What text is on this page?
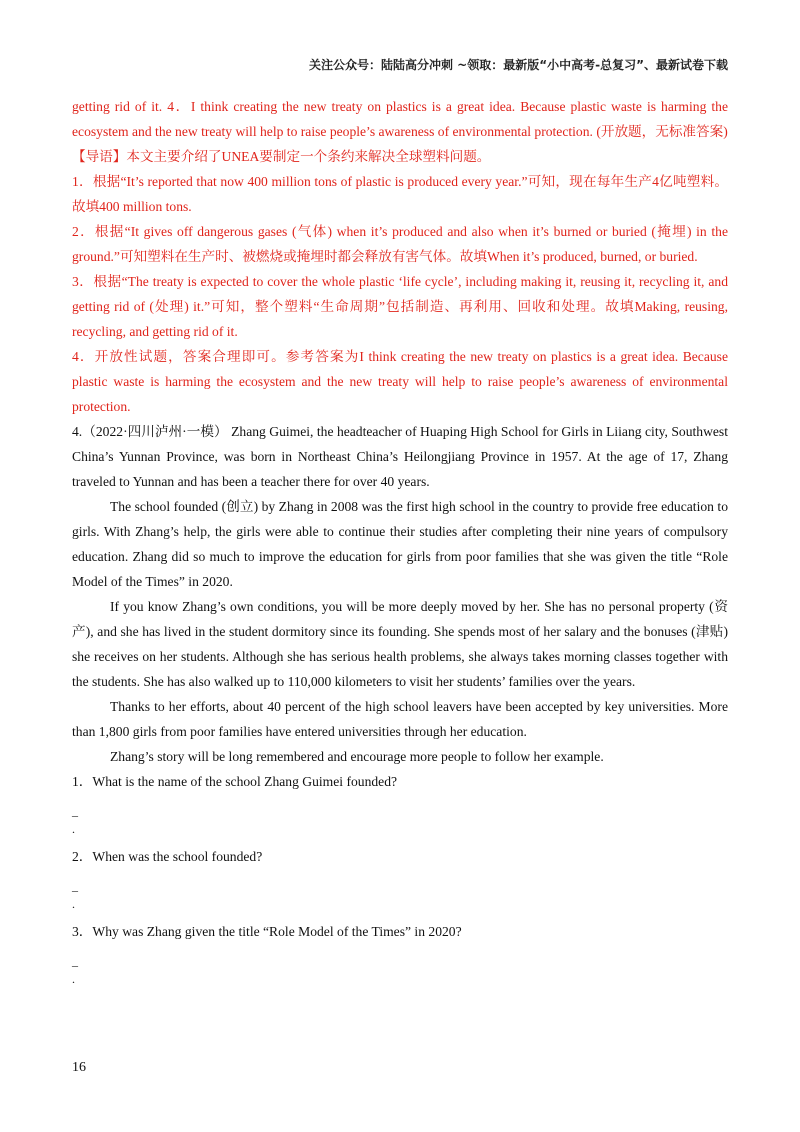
关注公众号：陆陆高分冲刺 ~领取：最新版“小中高考-总复习”、最新试卷下载

getting rid of it. 4．I think creating the new treaty on plastics is a great idea. Because plastic waste is harming the ecosystem and the new treaty will help to raise people’s awareness of environmental protection. (开放题，无标准答案)

【导语】本文主要介绍了UNEA要制定一个条约来解决全球塑料问题。

1．根据“It’s reported that now 400 million tons of plastic is produced every year.”可知，现在每年生产4亿吨塑料。故填400 million tons.

2．根据“It gives off dangerous gases (气体) when it’s produced and also when it’s burned or buried (掩埋) in the ground.”可知塑料在生产时、被燃烧或掩埋时都会释放有害气体。故填When it’s produced, burned, or buried.

3．根据“The treaty is expected to cover the whole plastic ‘life cycle’, including making it, reusing it, recycling it, and getting rid of (处理) it.”可知，整个塑料“生命周期”包括制造、再利用、回收和处理。故填Making, reusing, recycling, and getting rid of it.

4．开放性试题，答案合理即可。参考答案为I think creating the new treaty on plastics is a great idea. Because plastic waste is harming the ecosystem and the new treaty will help to raise people’s awareness of environmental protection.

4.（2022·四川泸州·一模） Zhang Guimei, the headteacher of Huaping High School for Girls in Liiang city, Southwest China’s Yunnan Province, was born in Northeast China’s Heilongjiang Province in 1957. At the age of 17, Zhang traveled to Yunnan and has been a teacher there for over 40 years.

The school founded (创立) by Zhang in 2008 was the first high school in the country to provide free education to girls. With Zhang’s help, the girls were able to continue their studies after completing their nine years of compulsory education. Zhang did so much to improve the education for girls from poor families that she was given the title “Role Model of the Times” in 2020.

If you know Zhang’s own conditions, you will be more deeply moved by her. She has no personal property (资产), and she has lived in the student dormitory since its founding. She spends most of her salary and the bonuses (津贴) she receives on her students. Although she has serious health problems, she always takes morning classes together with the students. She has also walked up to 110,000 kilometers to visit her students’ families over the years.

Thanks to her efforts, about 40 percent of the high school leavers have been accepted by key universities. More than 1,800 girls from poor families have entered universities through her education.

Zhang’s story will be long remembered and encourage more people to follow her example.

1．What is the name of the school Zhang Guimei founded?

_
.

2．When was the school founded?

_
.

3．Why was Zhang given the title “Role Model of the Times” in 2020?

_
.
16
